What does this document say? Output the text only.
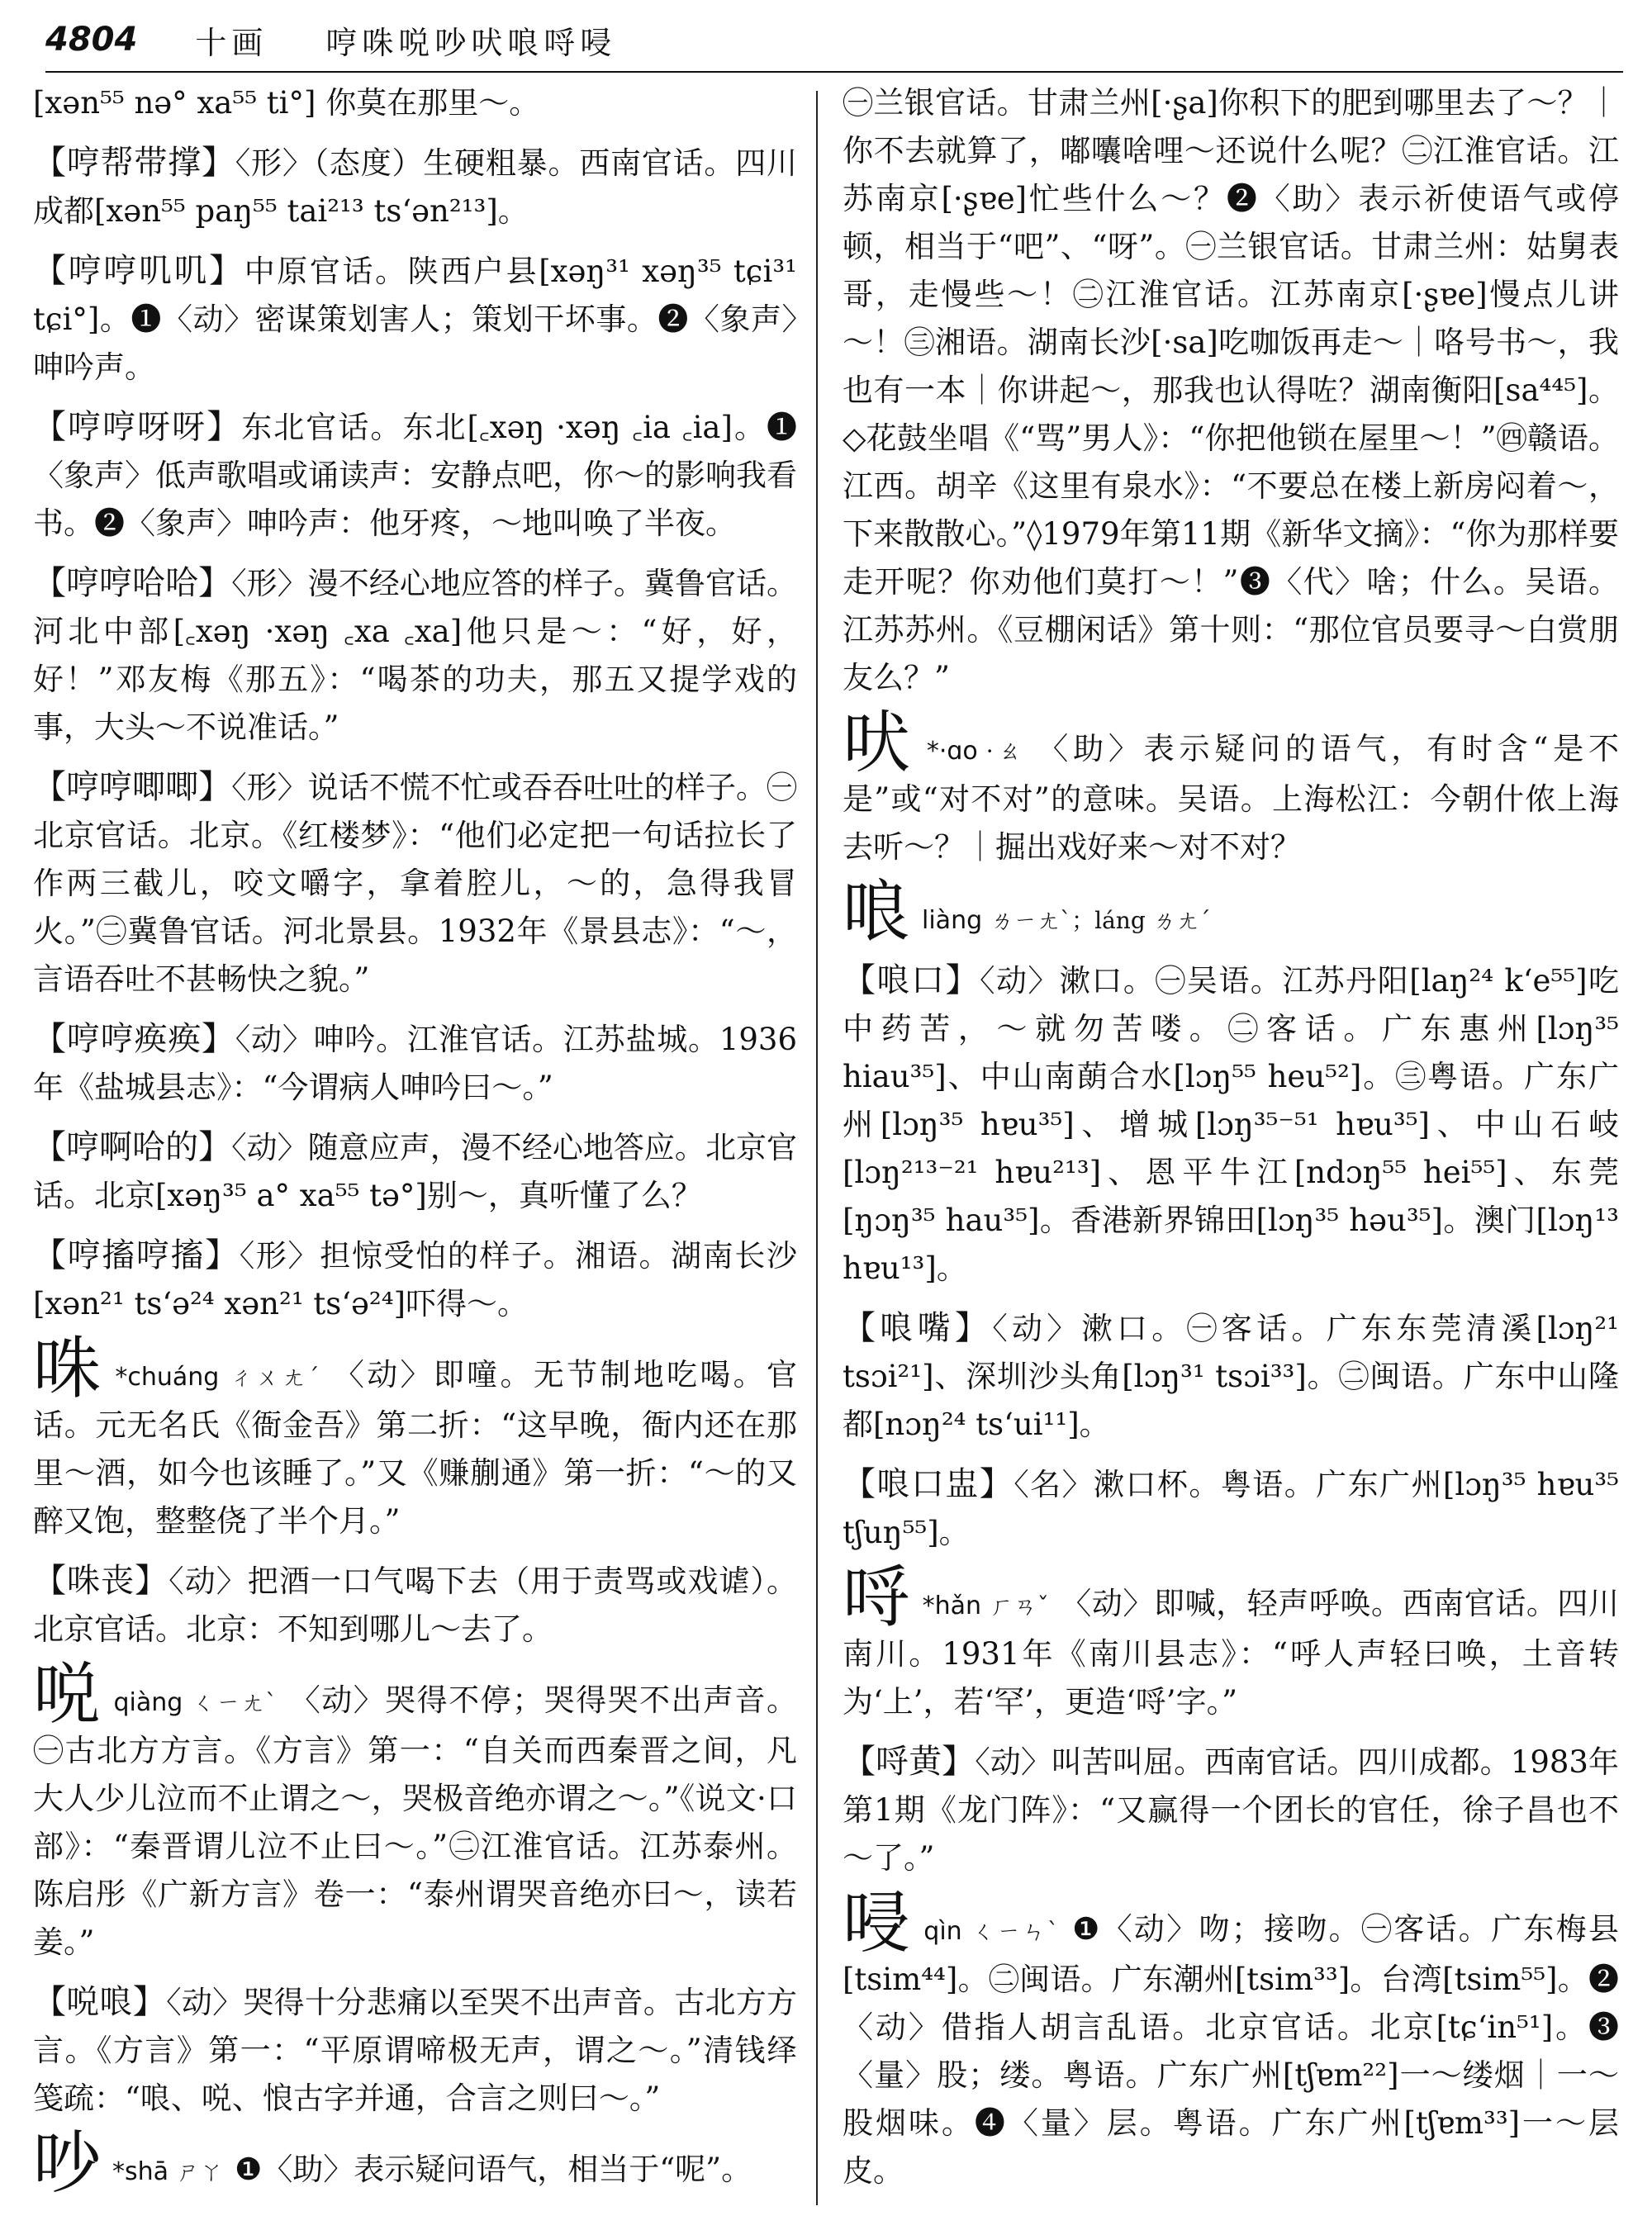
4804 十画 哼咮哾吵吠哴哷唚
[xən⁵⁵ nə° xa⁵⁵ ti°] 你莫在那里～。
【哼帮带撑】〈形〉（态度）生硬粗暴。西南官话。四川成都[xən⁵⁵ paŋ⁵⁵ tai²¹³ ts‘ən²¹³]。
【哼哼叽叽】中原官话。陕西户县[xəŋ³¹ xəŋ³⁵ tɕi³¹ tɕi°]。❶〈动〉密谋策划害人；策划干坏事。❷〈象声〉呻吟声。
【哼哼呀呀】东北官话。东北[꜀xəŋ ·xəŋ ꜀ia ꜀ia]。❶〈象声〉低声歌唱或诵读声：安静点吧，你～的影响我看书。❷〈象声〉呻吟声：他牙疼，～地叫唤了半夜。
【哼哼哈哈】〈形〉漫不经心地应答的样子。冀鲁官话。河北中部[꜀xəŋ ·xəŋ ꜀xa ꜀xa]他只是～：“好，好，好！”邓友梅《那五》：“喝茶的功夫，那五又提学戏的事，大头～不说准话。”
【哼哼唧唧】〈形〉说话不慌不忙或吞吞吐吐的样子。㊀北京官话。北京。《红楼梦》：“他们必定把一句话拉长了作两三截儿，咬文嚼字，拿着腔儿，～的，急得我冒火。”㊁冀鲁官话。河北景县。1932年《景县志》：“～，言语吞吐不甚畅快之貌。”
【哼哼痪痪】〈动〉呻吟。江淮官话。江苏盐城。1936年《盐城县志》：“今谓病人呻吟曰～。”
【哼啊哈的】〈动〉随意应声，漫不经心地答应。北京官话。北京[xəŋ³⁵ a° xa⁵⁵ tə°]别～，真听懂了么？
【哼搐哼搐】〈形〉担惊受怕的样子。湘语。湖南长沙[xən²¹ ts‘ə²⁴ xən²¹ ts‘ə²⁴]吓得～。
咮 *chuáng ㄔㄨㄤˊ 〈动〉即噇。无节制地吃喝。官话。元无名氏《衙金吾》第二折：“这早晚，衙内还在那里～酒，如今也该睡了。”又《赚蒯通》第一折：“～的又醉又饱，整整侥了半个月。”
【咮丧】〈动〉把酒一口气喝下去（用于责骂或戏谑）。北京官话。北京：不知到哪儿～去了。
哾qiàng ㄑㄧㄤˋ 〈动〉哭得不停；哭得哭不出声音。㊀古北方方言。《方言》第一：“自关而西秦晋之间，凡大人少儿泣而不止谓之～，哭极音绝亦谓之～。”《说文·口部》：“秦晋谓儿泣不止曰～。”㊁江淮官话。江苏泰州。陈启彤《广新方言》卷一：“泰州谓哭音绝亦曰～，读若姜。”
【哾哴】〈动〉哭得十分悲痛以至哭不出声音。古北方方言。《方言》第一：“平原谓啼极无声，谓之～。”清钱绎笺疏：“哴、哾、悢古字并通，合言之则曰～。”
吵 *shā ㄕㄚ ❶〈助〉表示疑问语气，相当于“呢”。
㊀兰银官话。甘肃兰州[·ʂa]你积下的肥到哪里去了～？｜你不去就算了，嘟囔啥哩～还说什么呢？㊁江淮官话。江苏南京[·ʂɐe]忙些什么～？❷〈助〉表示祈使语气或停顿，相当于“吧”、“呀”。㊀兰银官话。甘肃兰州：姑舅表哥，走慢些～！㊁江淮官话。江苏南京[·ʂɐe]慢点儿讲～！㊂湘语。湖南长沙[·sa]吃咖饭再走～｜咯号书～，我也有一本｜你讲起～，那我也认得咗？湖南衡阳[sa⁴⁴⁵]。◇花鼓坐唱《“骂”男人》：“你把他锁在屋里～！”㊃赣语。江西。胡辛《这里有泉水》：“不要总在楼上新房闷着～，下来散散心。”◊1979年第11期《新华文摘》：“你为那样要走开呢？你劝他们莫打～！”❸〈代〉啥；什么。吴语。江苏苏州。《豆棚闲话》第十则：“那位官员要寻～白赏朋友么？”
吠 *·ɑo ·ㄠ 〈助〉表示疑问的语气，有时含“是不是”或“对不对”的意味。吴语。上海松江：今朝什侬上海去听～？｜掘出戏好来～对不对？
哴liàng ㄌㄧㄤˋ；láng ㄌㄤˊ
【哴口】〈动〉漱口。㊀吴语。江苏丹阳[laŋ²⁴ k‘e⁵⁵]吃中药苦，～就勿苦喽。㊁客话。广东惠州[lɔŋ³⁵ hiau³⁵]、中山南蓢合水[lɔŋ⁵⁵ heu⁵²]。㊂粤语。广东广州[lɔŋ³⁵ hɐu³⁵]、增城[lɔŋ³⁵⁻⁵¹ hɐu³⁵]、中山石岐[lɔŋ²¹³⁻²¹ hɐu²¹³]、恩平牛江[ndɔŋ⁵⁵ hei⁵⁵]、东莞[ŋɔŋ³⁵ hau³⁵]。香港新界锦田[lɔŋ³⁵ həu³⁵]。澳门[lɔŋ¹³ hɐu¹³]。
【哴嘴】〈动〉漱口。㊀客话。广东东莞清溪[lɔŋ²¹ tsɔi²¹]、深圳沙头角[lɔŋ³¹ tsɔi³³]。㊁闽语。广东中山隆都[nɔŋ²⁴ ts‘ui¹¹]。
【哴口盅】〈名〉漱口杯。粤语。广东广州[lɔŋ³⁵ hɐu³⁵ tʃuŋ⁵⁵]。
哷 *hǎn ㄏㄢˇ 〈动〉即喊，轻声呼唤。西南官话。四川南川。1931年《南川县志》：“呼人声轻曰唤，土音转为‘上’，若‘罕’，更造‘哷’字。”
【哷黄】〈动〉叫苦叫屈。西南官话。四川成都。1983年第1期《龙门阵》：“又赢得一个团长的官任，徐子昌也不～了。”
唚qìn ㄑㄧㄣˋ ❶〈动〉吻；接吻。㊀客话。广东梅县[tsim⁴⁴]。㊁闽语。广东潮州[tsim³³]。台湾[tsim⁵⁵]。❷〈动〉借指人胡言乱语。北京官话。北京[tɕ‘in⁵¹]。❸〈量〉股；缕。粤语。广东广州[tʃɐm²²]一～缕烟｜一～股烟味。❹〈量〉层。粤语。广东广州[tʃɐm³³]一～层皮。
